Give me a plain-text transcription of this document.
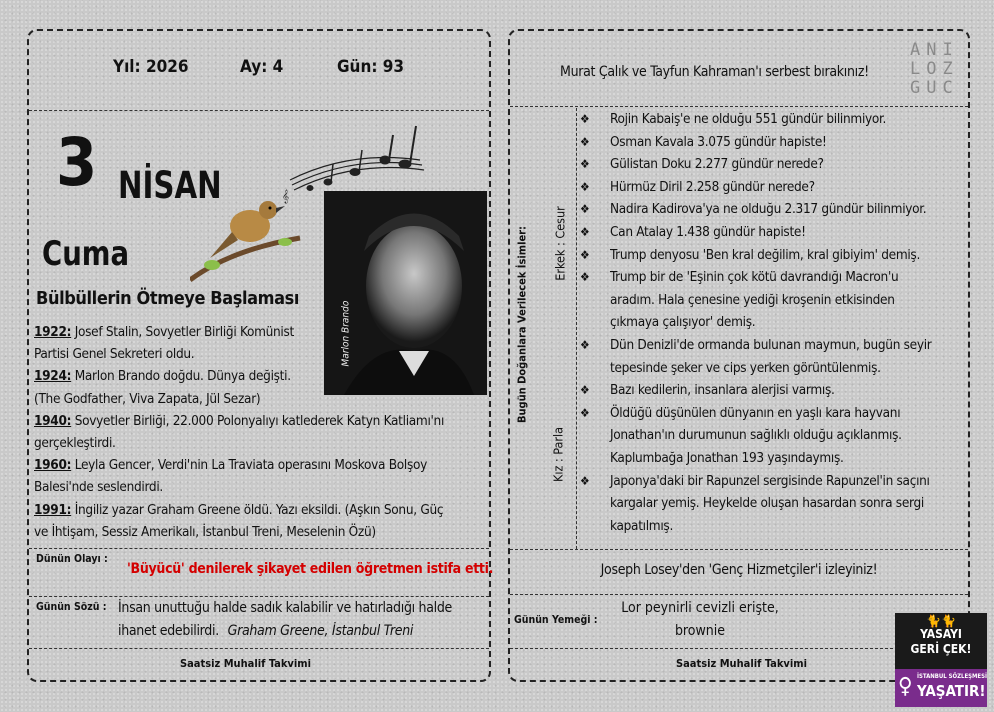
Yıl: 2026	Ay: 4	Gün: 93
3 NİSAN
Cuma
Bülbüllerin Ötmeye Başlaması
𝄞
Marlon Brando
1922: Josef Stalin, Sovyetler Birliği Komünist
Partisi Genel Sekreteri oldu.
1924: Marlon Brando doğdu. Dünya değişti.
(The Godfather, Viva Zapata, Jül Sezar)
1940: Sovyetler Birliği, 22.000 Polonyalıyı katlederek Katyn Katliamı'nı
gerçekleştirdi.
1960: Leyla Gencer, Verdi'nin La Traviata operasını Moskova Bolşoy
Balesi'nde seslendirdi.
1991: İngiliz yazar Graham Greene öldü. Yazı eksildi. (Aşkın Sonu, Güç
ve İhtişam, Sessiz Amerikalı, İstanbul Treni, Meselenin Özü)
Dünün Olayı :
'Büyücü' denilerek şikayet edilen öğretmen istifa etti.
Günün Sözü : İnsan unuttuğu halde sadık kalabilir ve hatırladığı halde
ihanet edebilirdi. Graham Greene, İstanbul Treni
Saatsiz Muhalif Takvimi
ANI
LOZ
GUC
Murat Çalık ve Tayfun Kahraman'ı serbest bırakınız!
Bugün Doğanlara Verilecek İsimler: Erkek : Cesur
Kız : Parla
❖ Rojin Kabaiş'e ne olduğu 551 gündür bilinmiyor.
❖ Osman Kavala 3.075 gündür hapiste!
❖ Gülistan Doku 2.277 gündür nerede?
❖ Hürmüz Diril 2.258 gündür nerede?
❖ Nadira Kadirova'ya ne olduğu 2.317 gündür bilinmiyor.
❖ Can Atalay 1.438 gündür hapiste!
❖ Trump denyosu 'Ben kral değilim, kral gibiyim' demiş.
❖ Trump bir de 'Eşinin çok kötü davrandığı Macron'u
aradım. Hala çenesine yediği kroşenin etkisinden
çıkmaya çalışıyor' demiş.
❖ Dün Denizli'de ormanda bulunan maymun, bugün seyir
tepesinde şeker ve cips yerken görüntülenmiş.
❖ Bazı kedilerin, insanlara alerjisi varmış.
❖ Öldüğü düşünülen dünyanın en yaşlı kara hayvanı
Jonathan'ın durumunun sağlıklı olduğu açıklanmış.
Kaplumbağa Jonathan 193 yaşındaymış.
❖ Japonya'daki bir Rapunzel sergisinde Rapunzel'in saçını
kargalar yemiş. Heykelde oluşan hasardan sonra sergi
kapatılmış.
Joseph Losey'den 'Genç Hizmetçiler'i izleyiniz!
Günün Yemeği :
Lor peynirli cevizli erişte,
brownie
Saatsiz Muhalif Takvimi
🐈🐈
YASAYI
GERİ ÇEK!
♀ İSTANBUL SÖZLEŞMESİ
YAŞATIR!
